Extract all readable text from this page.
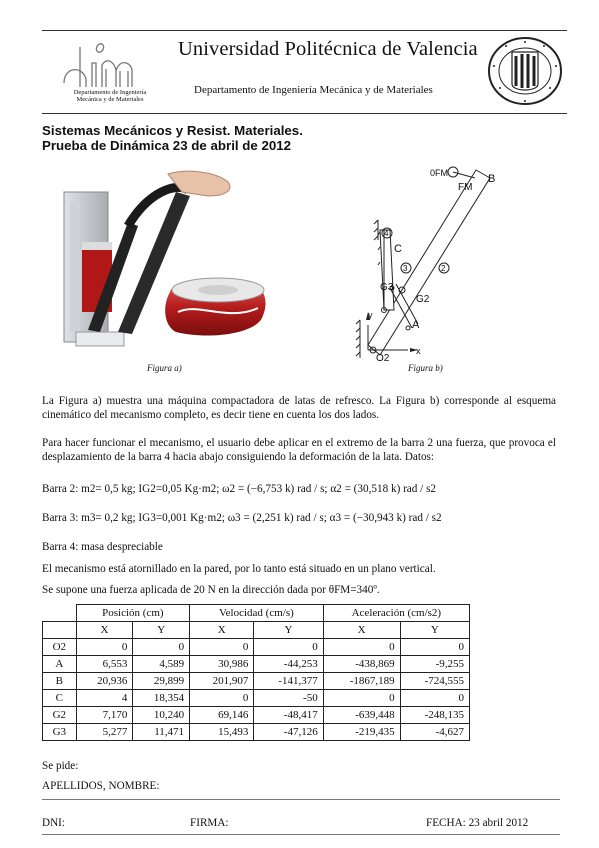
Departamento de Ingeniería
Mecánica y de Materiales
Universidad Politécnica de Valencia
Departamento de Ingeniería Mecánica y de Materiales
Sistemas Mecánicos y Resist. Materiales.
Prueba de Dinámica 23 de abril de 2012
Figura a)
0FM
FM
B
4
C
3	2
G3
G2
A
y
x
O2
Figura b)
La Figura a) muestra una máquina compactadora de latas de refresco. La Figura b) corresponde al esquema cinemático del mecanismo completo, es decir tiene en cuenta los dos lados.
Para hacer funcionar el mecanismo, el usuario debe aplicar en el extremo de la barra 2 una fuerza, que provoca el desplazamiento de la barra 4 hacia abajo consiguiendo la deformación de la lata. Datos:
Barra 2: m2= 0,5 kg; IG2=0,05 Kg·m2; ω2 = (−6,753 k) rad / s; α2 = (30,518 k) rad / s2
Barra 3: m3= 0,2 kg; IG3=0,001 Kg·m2; ω3 = (2,251 k) rad / s; α3 = (−30,943 k) rad / s2
Barra 4: masa despreciable
El mecanismo está atornillado en la pared, por lo tanto está situado en un plano vertical.
Se supone una fuerza aplicada de 20 N en la dirección dada por θFM=340º.
	Posición (cm)		Velocidad (cm/s)		Aceleración (cm/s2)	
	X	Y	X	Y	X	Y
O2	0	0	0	0	0	0
A	6,553	4,589	30,986	-44,253	-438,869	-9,255
B	20,936	29,899	201,907	-141,377	-1867,189	-724,555
C	4	18,354	0	-50	0	0
G2	7,170	10,240	69,146	-48,417	-639,448	-248,135
G3	5,277	11,471	15,493	-47,126	-219,435	-4,627
Se pide:
APELLIDOS, NOMBRE:
DNI:	FIRMA:	FECHA: 23 abril 2012
